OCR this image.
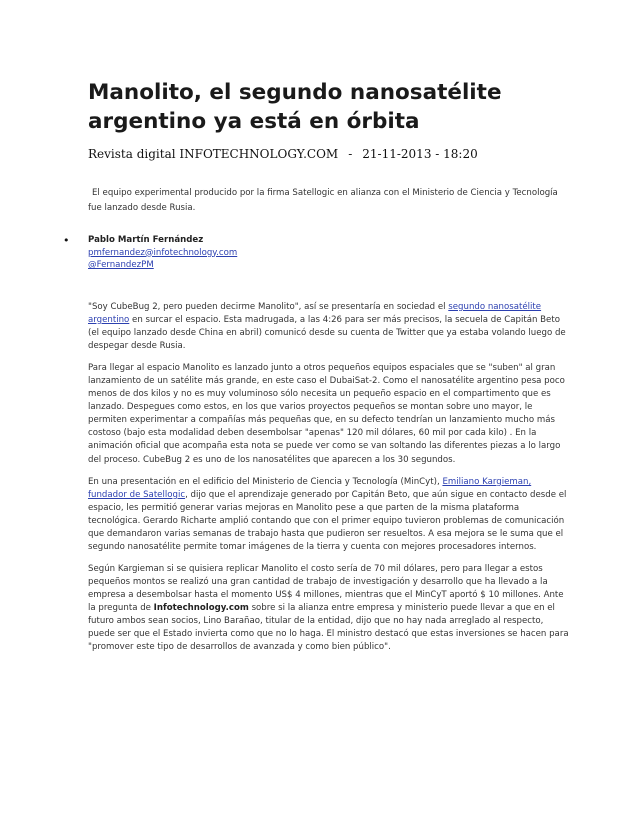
Manolito, el segundo nanosatélite argentino ya está en órbita
Revista digital INFOTECHNOLOGY.COM - 21-11-2013 - 18:20
El equipo experimental producido por la firma Satellogic en alianza con el Ministerio de Ciencia y Tecnología
fue lanzado desde Rusia.
• Pablo Martín Fernández
pmfernandez@infotechnology.com
@FernandezPM
"Soy CubeBug 2, pero pueden decirme Manolito", así se presentaría en sociedad el segundo nanosatélite
argentino en surcar el espacio. Esta madrugada, a las 4:26 para ser más precisos, la secuela de Capitán Beto
(el equipo lanzado desde China en abril) comunicó desde su cuenta de Twitter que ya estaba volando luego de
despegar desde Rusia.
Para llegar al espacio Manolito es lanzado junto a otros pequeños equipos espaciales que se "suben" al gran
lanzamiento de un satélite más grande, en este caso el DubaiSat-2. Como el nanosatélite argentino pesa poco
menos de dos kilos y no es muy voluminoso sólo necesita un pequeño espacio en el compartimento que es
lanzado. Despegues como estos, en los que varios proyectos pequeños se montan sobre uno mayor, le
permiten experimentar a compañías más pequeñas que, en su defecto tendrían un lanzamiento mucho más
costoso (bajo esta modalidad deben desembolsar "apenas" 120 mil dólares, 60 mil por cada kilo) . En la
animación oficial que acompaña esta nota se puede ver como se van soltando las diferentes piezas a lo largo
del proceso. CubeBug 2 es uno de los nanosatélites que aparecen a los 30 segundos.
En una presentación en el edificio del Ministerio de Ciencia y Tecnología (MinCyt), Emiliano Kargieman,
fundador de Satellogic, dijo que el aprendizaje generado por Capitán Beto, que aún sigue en contacto desde el
espacio, les permitió generar varias mejoras en Manolito pese a que parten de la misma plataforma
tecnológica. Gerardo Richarte amplió contando que con el primer equipo tuvieron problemas de comunicación
que demandaron varias semanas de trabajo hasta que pudieron ser resueltos. A esa mejora se le suma que el
segundo nanosatélite permite tomar imágenes de la tierra y cuenta con mejores procesadores internos.
Según Kargieman si se quisiera replicar Manolito el costo sería de 70 mil dólares, pero para llegar a estos
pequeños montos se realizó una gran cantidad de trabajo de investigación y desarrollo que ha llevado a la
empresa a desembolsar hasta el momento US$ 4 millones, mientras que el MinCyT aportó $ 10 millones. Ante
la pregunta de Infotechnology.com sobre si la alianza entre empresa y ministerio puede llevar a que en el
futuro ambos sean socios, Lino Barañao, titular de la entidad, dijo que no hay nada arreglado al respecto,
puede ser que el Estado invierta como que no lo haga. El ministro destacó que estas inversiones se hacen para
"promover este tipo de desarrollos de avanzada y como bien público".
